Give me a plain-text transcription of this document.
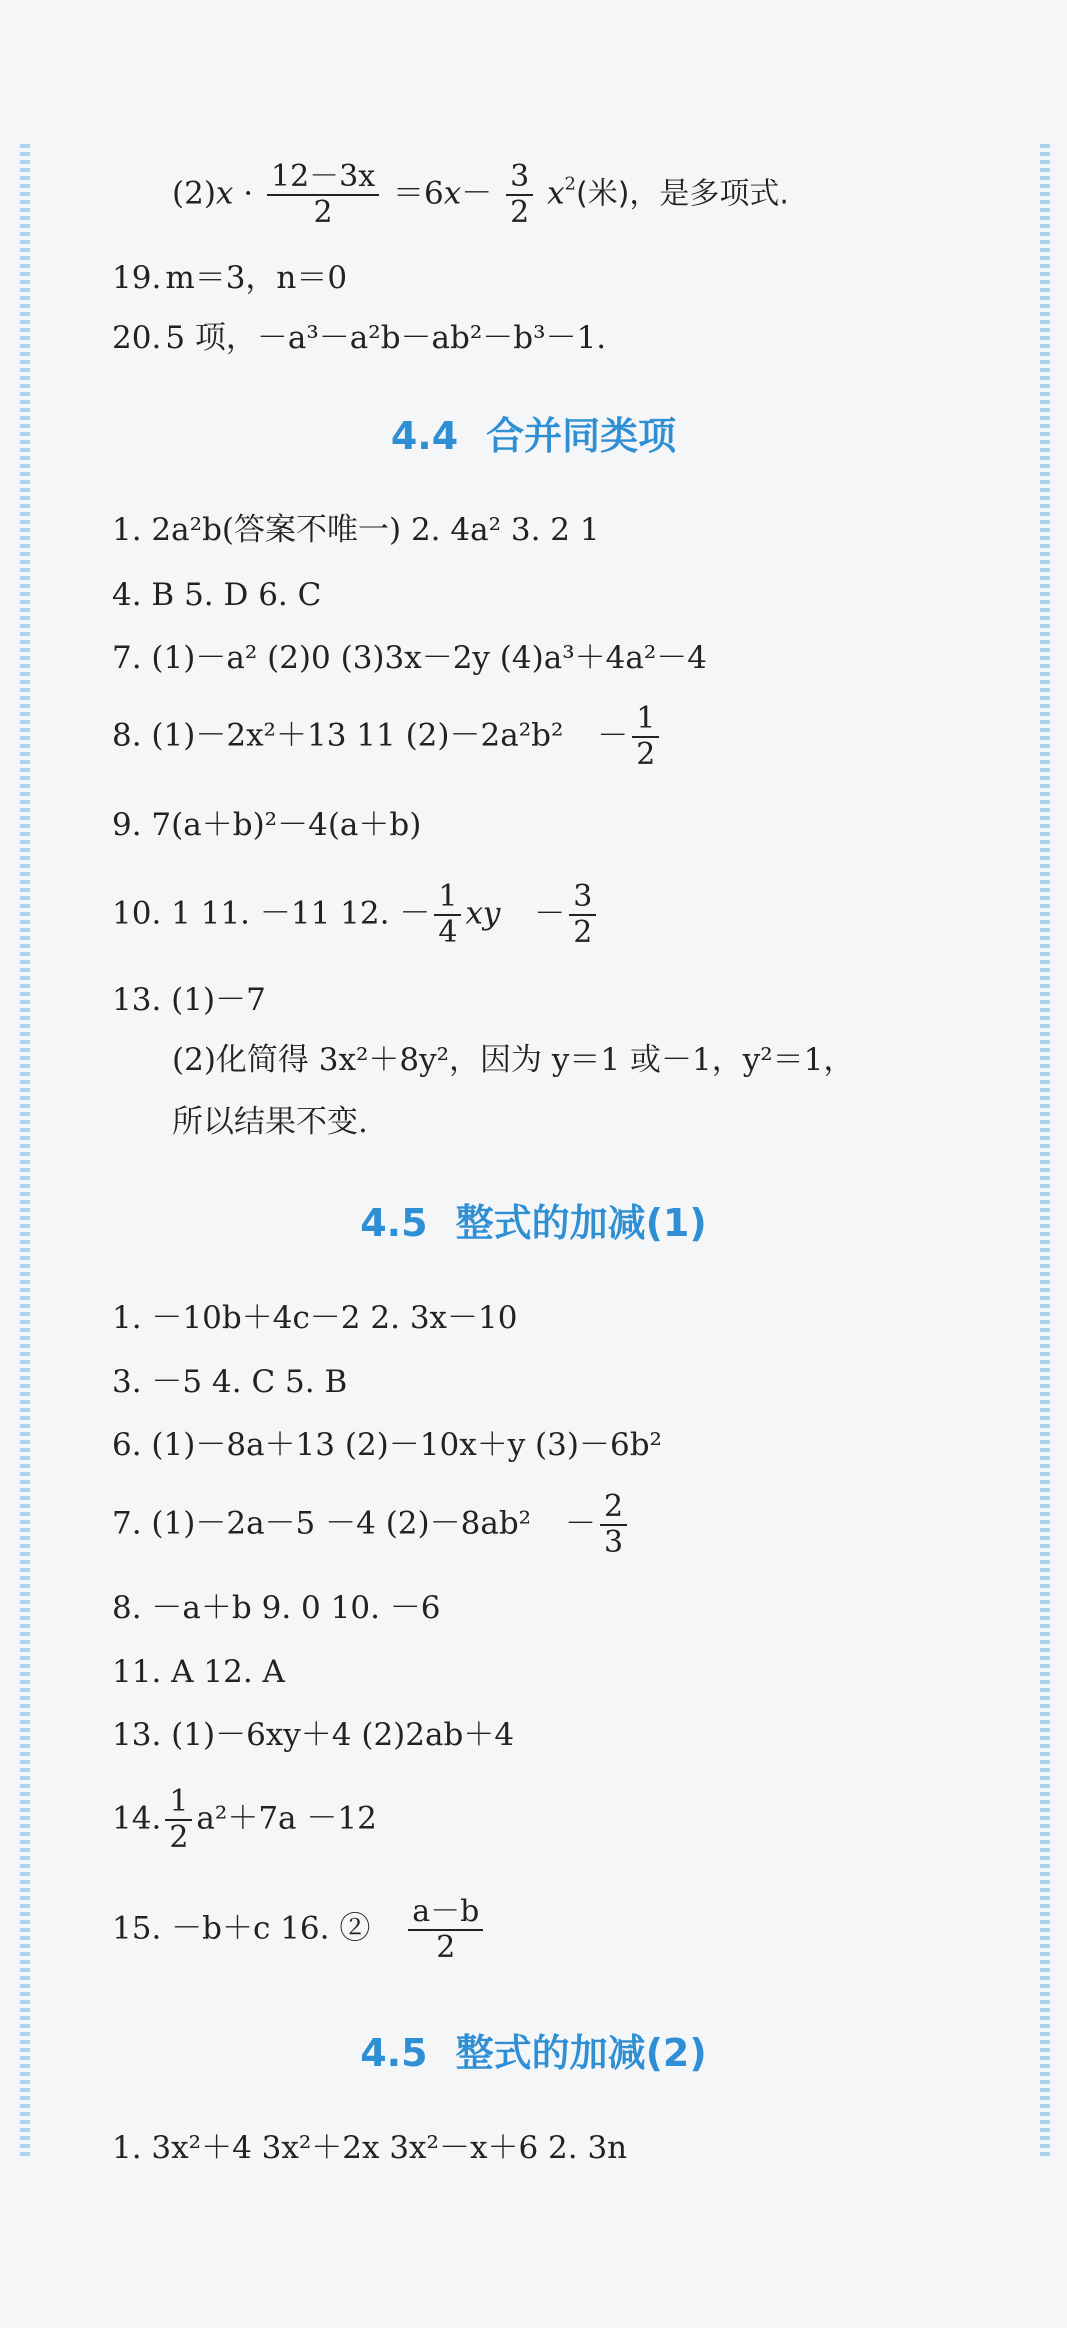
$(2)x \cdot \frac{12-3x}{2} =6x- \frac{3}{2} x^2$(米)，是多项式.
19. m＝3，n＝0
20. 5 项，－a³－a²b－ab²－b³－1.
4.4 合并同类项
1. 2a²b(答案不唯一) 2. 4a² 3. 2 1
4. B 5. D 6. C
7. (1)－a² (2)0 (3)3x－2y (4)a³＋4a²－4
8. (1)－2x²＋13 11 $(2)-2a^2b^2 - \frac{1}{2}$
9. 7(a＋b)²－4(a＋b)
10. 1 11. －11 12. － $\frac{1}{4}$ xy － $\frac{3}{2}$
13. (1)－7
(2)化简得 3x²＋8y²，因为 y＝1 或－1，y²＝1，
所以结果不变.
4.5 整式的加减(1)
1. －10b＋4c－2 2. 3x－10
3. －5 4. C 5. B
6. (1)－8a＋13 (2)－10x＋y (3)－6b²
7. (1)－2a－5 －4 $(2)-8ab^2 - \frac{2}{3}$
8. －a＋b 9. 0 10. －6
11. A 12. A
13. (1)－6xy＋4 (2)2ab＋4
14. $\frac{1}{2} a^2+7a -12$
15. －b＋c 16. ② $\frac{a-b}{2}$
4.5 整式的加减(2)
1. 3x²＋4 3x²＋2x 3x²－x＋6 2. 3n
